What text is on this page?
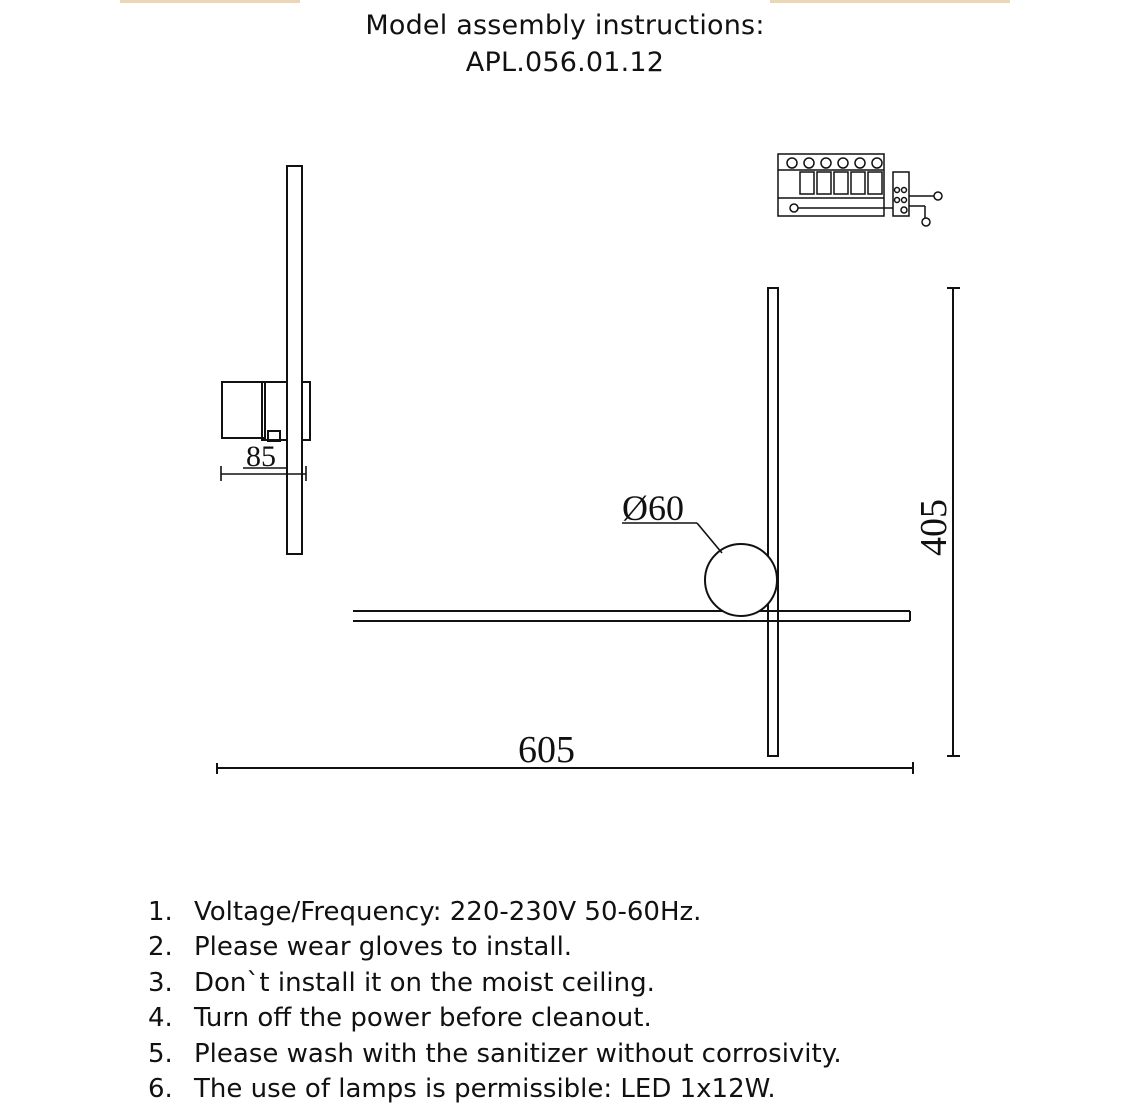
Model assembly instructions:
APL.056.01.12
85
Ø60
605
405
1. Voltage/Frequency: 220-230V 50-60Hz.
2. Please wear gloves to install.
3. Don`t install it on the moist ceiling.
4. Turn off the power before cleanout.
5. Please wash with the sanitizer without corrosivity.
6. The use of lamps is permissible: LED 1x12W.
